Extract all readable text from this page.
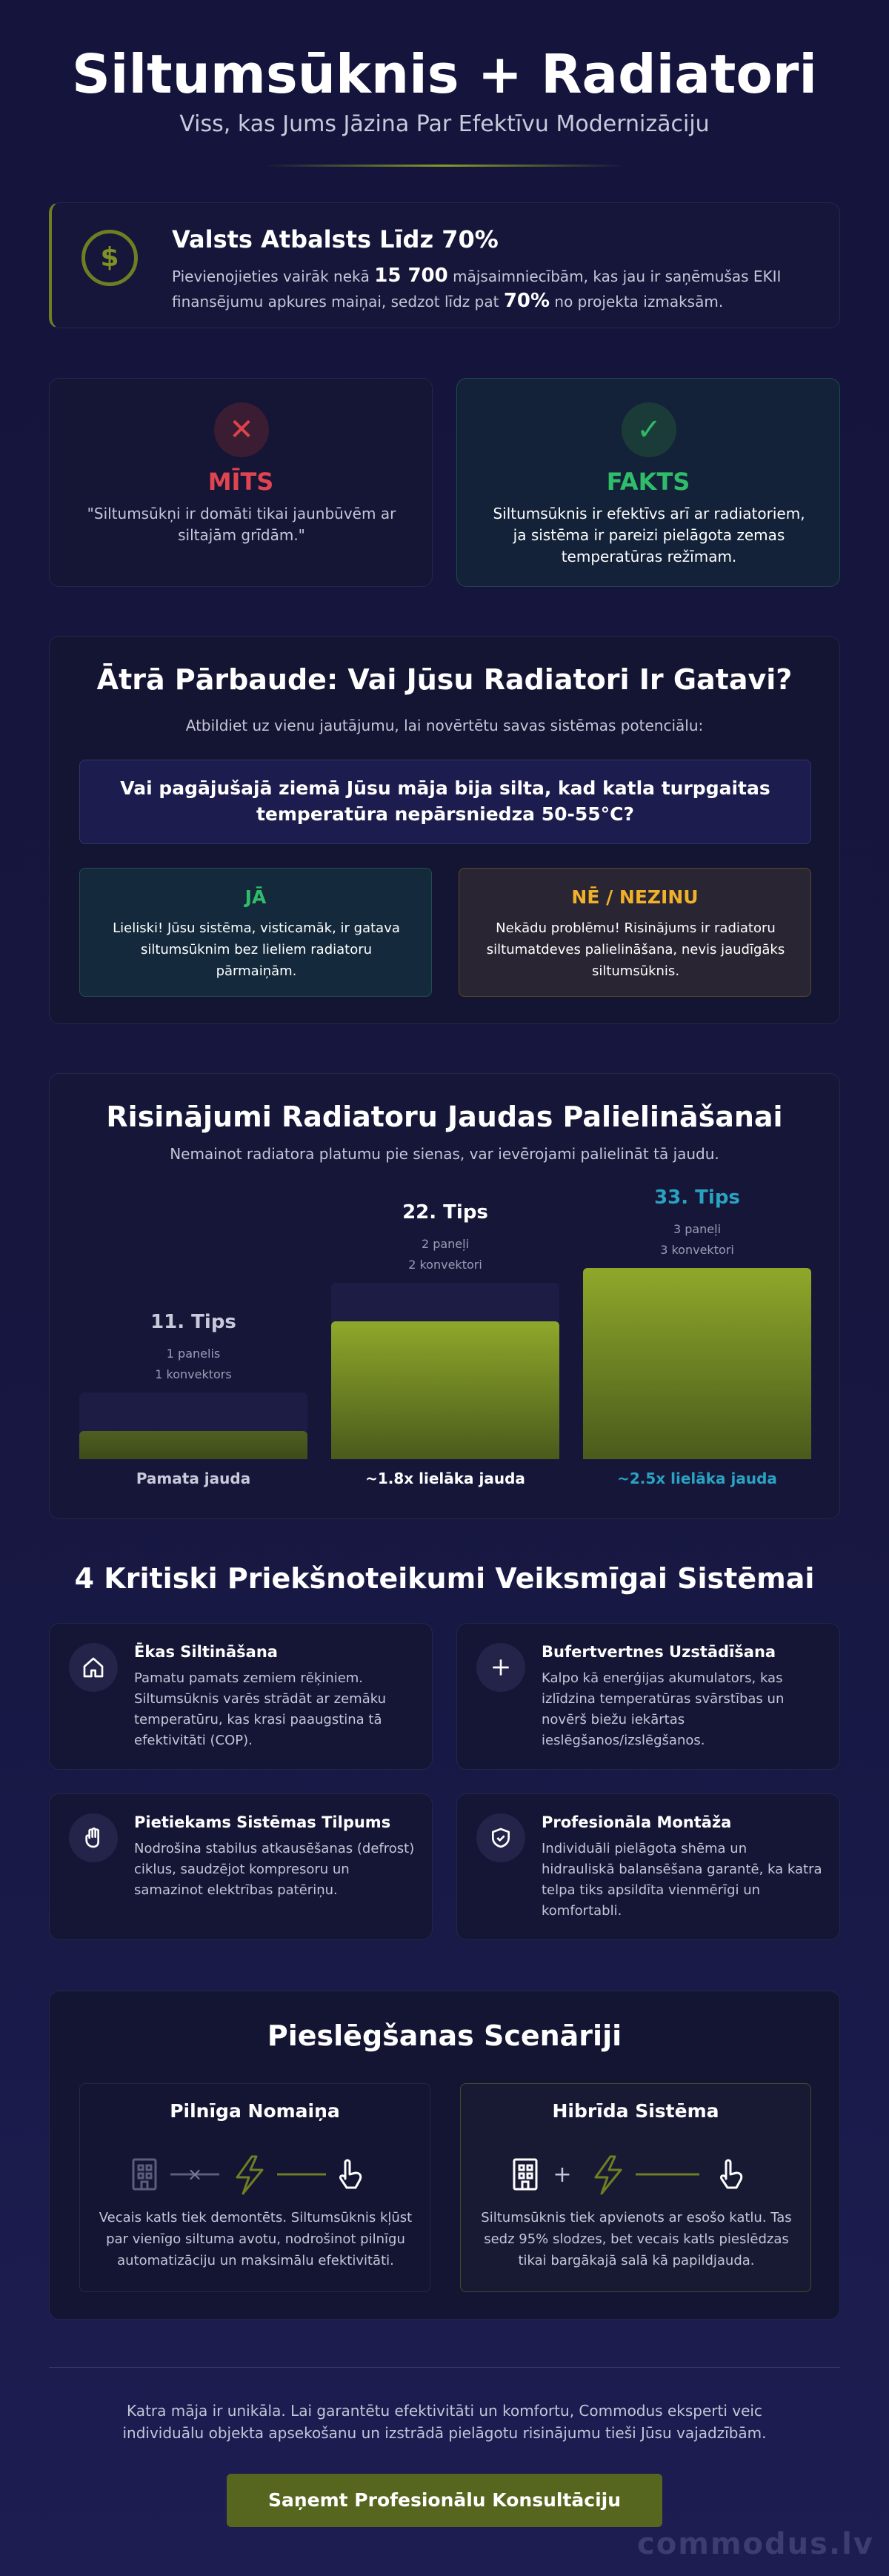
Siltumsūknis + Radiatori
Viss, kas Jums Jāzina Par Efektīvu Modernizāciju
$
Valsts Atbalsts Līdz 70%

Pievienojieties vairāk nekā 15 700 mājsaimniecībām, kas jau ir saņēmušas EKII finansējumu apkures maiņai, sedzot līdz pat 70% no projekta izmaksām.

✕
MĪTS

"Siltumsūkņi ir domāti tikai jaunbūvēm ar siltajām grīdām."

✓
FAKTS

Siltumsūknis ir efektīvs arī ar radiatoriem, ja sistēma ir pareizi pielāgota zemas temperatūras režīmam.

Ātrā Pārbaude: Vai Jūsu Radiatori Ir Gatavi?

Atbildiet uz vienu jautājumu, lai novērtētu savas sistēmas potenciālu:

Vai pagājušajā ziemā Jūsu māja bija silta, kad katla turpgaitas temperatūra nepārsniedza 50-55°C?

JĀ

Lieliski! Jūsu sistēma, visticamāk, ir gatava siltumsūknim bez lieliem radiatoru pārmaiņām.

NĒ / NEZINU

Nekādu problēmu! Risinājums ir radiatoru siltumatdeves palielināšana, nevis jaudīgāks siltumsūknis.

Risinājumi Radiatoru Jaudas Palielināšanai

Nemainot radiatora platumu pie sienas, var ievērojami palielināt tā jaudu.

11. Tips
1 panelis
1 konvektors
Pamata jauda
22. Tips
2 paneļi
2 konvektori
~1.8x lielāka jauda
33. Tips
3 paneļi
3 konvektori
~2.5x lielāka jauda
4 Kritiski Priekšnoteikumi Veiksmīgai Sistēmai
Ēkas Siltināšana

Pamatu pamats zemiem rēķiniem. Siltumsūknis varēs strādāt ar zemāku temperatūru, kas krasi paaugstina tā efektivitāti (COP).

Bufertvertnes Uzstādīšana

Kalpo kā enerģijas akumulators, kas izlīdzina temperatūras svārstības un novērš biežu iekārtas ieslēgšanos/izslēgšanos.

Pietiekams Sistēmas Tilpums

Nodrošina stabilus atkausēšanas (defrost) ciklus, saudzējot kompresoru un samazinot elektrības patēriņu.

Profesionāla Montāža

Individuāli pielāgota shēma un hidrauliskā balansēšana garantē, ka katra telpa tiks apsildīta vienmērīgi un komfortabli.

Pieslēgšanas Scenāriji
Pilnīga Nomaiņa
×

Vecais katls tiek demontēts. Siltumsūknis kļūst par vienīgo siltuma avotu, nodrošinot pilnīgu automatizāciju un maksimālu efektivitāti.

Hibrīda Sistēma
+

Siltumsūknis tiek apvienots ar esošo katlu. Tas sedz 95% slodzes, bet vecais katls pieslēdzas tikai bargākajā salā kā papildjauda.

Katra māja ir unikāla. Lai garantētu efektivitāti un komfortu, Commodus eksperti veic individuālu objekta apsekošanu un izstrādā pielāgotu risinājumu tieši Jūsu vajadzībām.

Saņemt Profesionālu Konsultāciju
commodus.lv
